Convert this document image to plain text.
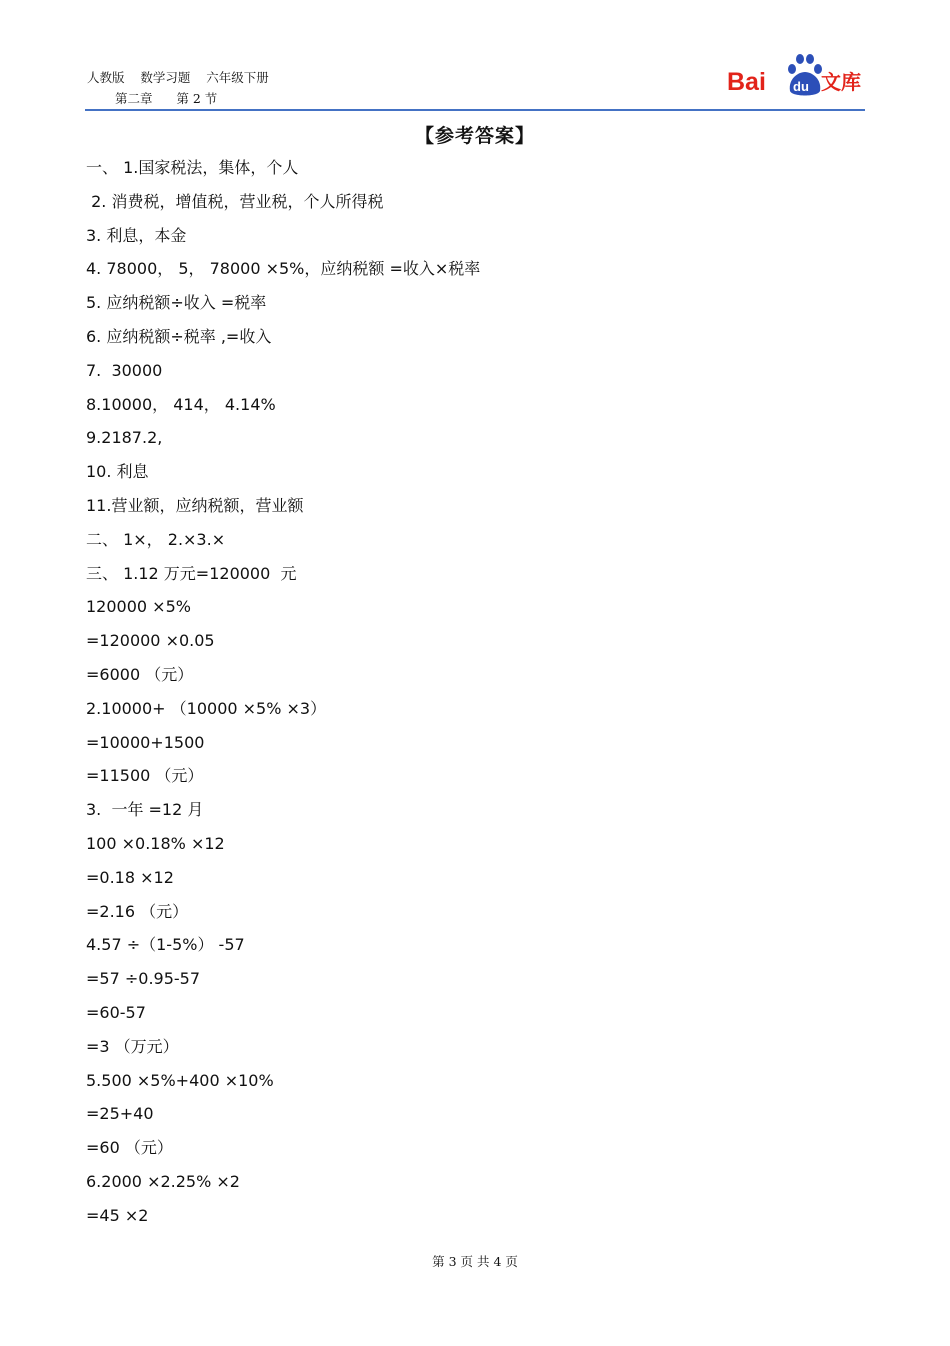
人教版    数学习题    六年级下册
第二章      第 2 节
Bai du 文库
【参考答案】
一、 1.国家税法，集体，个人
2. 消费税，增值税，营业税，个人所得税
3. 利息，本金
4. 78000， 5， 78000 ×5%，应纳税额 =收入×税率
5. 应纳税额÷收入 =税率
6. 应纳税额÷税率 ,=收入
7.  30000
8.10000， 414， 4.14%
9.2187.2,
10. 利息
11.营业额，应纳税额，营业额
二、 1×， 2.×3.×
三、 1.12 万元=120000  元
120000 ×5%
=120000 ×0.05
=6000 （元）
2.10000+ （10000 ×5% ×3）
=10000+1500
=11500 （元）
3.  一年 =12 月
100 ×0.18% ×12
=0.18 ×12
=2.16 （元）
4.57 ÷（1-5%） -57
=57 ÷0.95-57
=60-57
=3 （万元）
5.500 ×5%+400 ×10%
=25+40
=60 （元）
6.2000 ×2.25% ×2
=45 ×2
第 3 页 共 4 页
